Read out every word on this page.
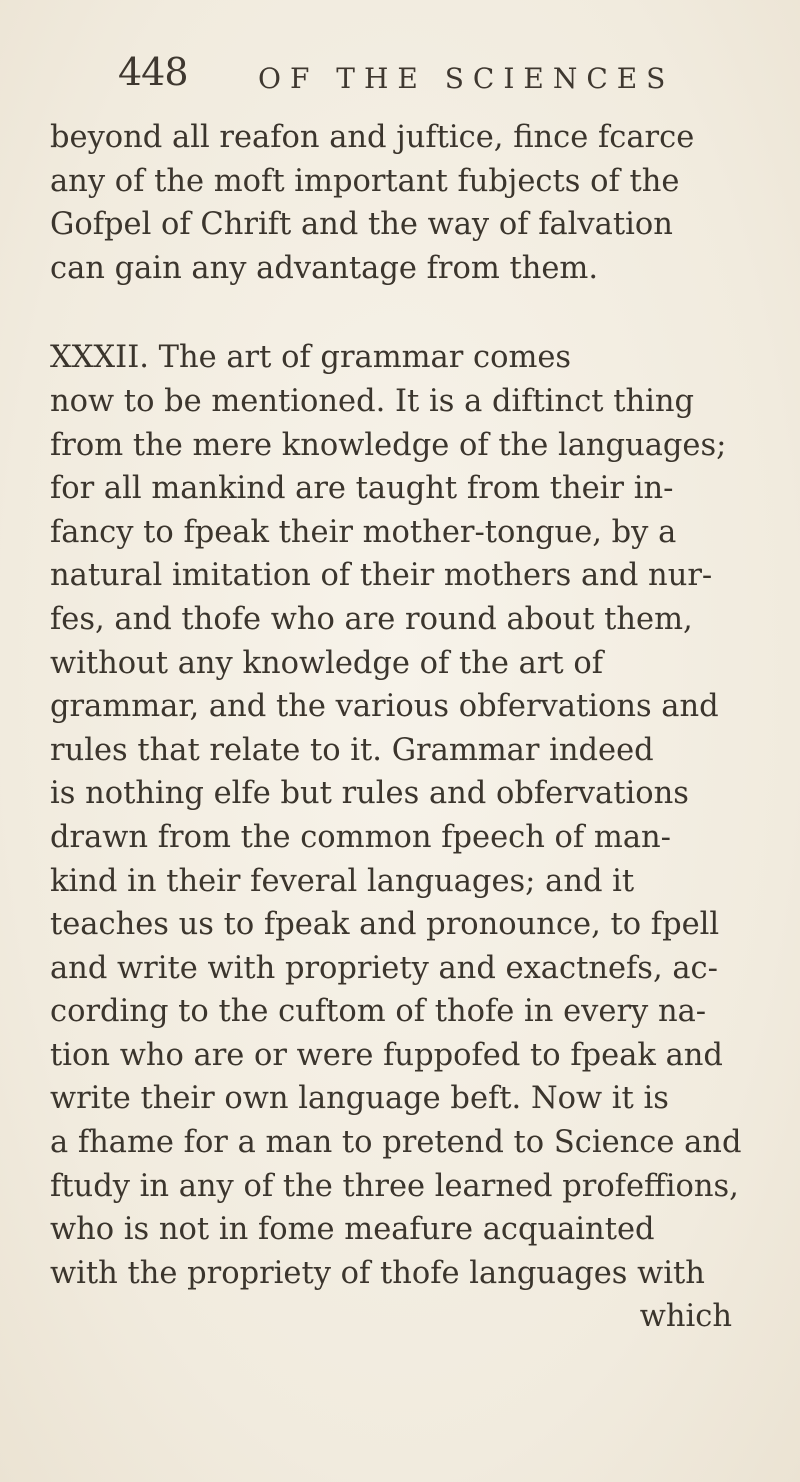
448	OF THE SCIENCES
beyond all reafon and juftice, fince fcarce
any of the moft important fubjects of the
Gofpel of Chrift and the way of falvation
can gain any advantage from them.
XXXII. The art of grammar comes
now to be mentioned. It is a diftinct thing
from the mere knowledge of the languages;
for all mankind are taught from their in-
fancy to fpeak their mother-tongue, by a
natural imitation of their mothers and nur-
fes, and thofe who are round about them,
without any knowledge of the art of
grammar, and the various obfervations and
rules that relate to it. Grammar indeed
is nothing elfe but rules and obfervations
drawn from the common fpeech of man-
kind in their feveral languages; and it
teaches us to fpeak and pronounce, to fpell
and write with propriety and exactnefs, ac-
cording to the cuftom of thofe in every na-
tion who are or were fuppofed to fpeak and
write their own language beft. Now it is
a fhame for a man to pretend to Science and
ftudy in any of the three learned profeffions,
who is not in fome meafure acquainted
with the propriety of thofe languages with
which
